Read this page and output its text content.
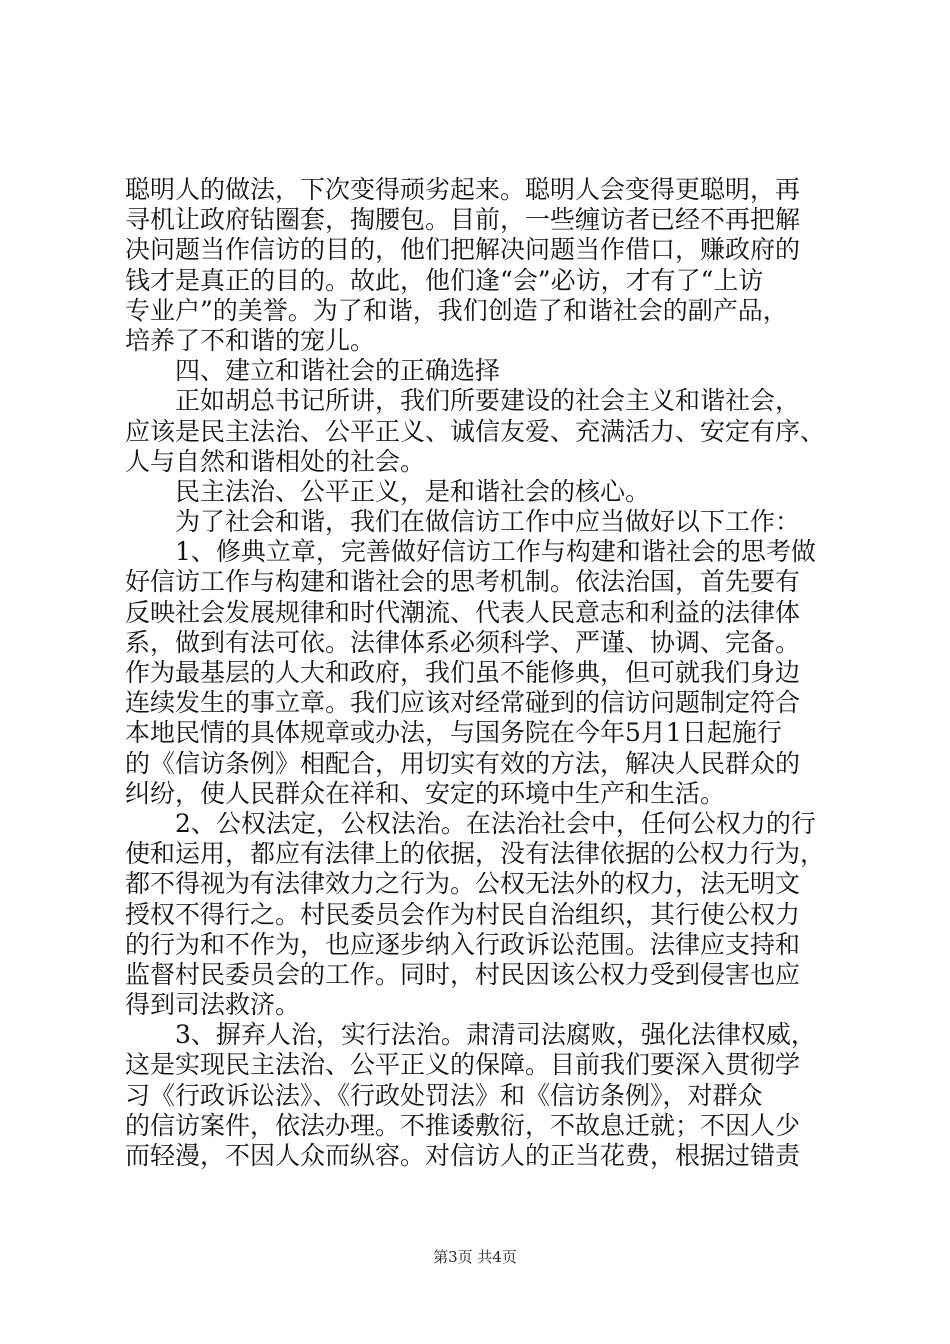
聪明人的做法，下次变得顽劣起来。聪明人会变得更聪明，再
寻机让政府钻圈套，掏腰包。目前，一些缠访者已经不再把解
决问题当作信访的目的，他们把解决问题当作借口，赚政府的
钱才是真正的目的。故此，他们逢“会”必访，才有了“上访
专业户”的美誉。为了和谐，我们创造了和谐社会的副产品，
培养了不和谐的宠儿。
四、建立和谐社会的正确选择
正如胡总书记所讲，我们所要建设的社会主义和谐社会，
应该是民主法治、公平正义、诚信友爱、充满活力、安定有序、
人与自然和谐相处的社会。
民主法治、公平正义，是和谐社会的核心。
为了社会和谐，我们在做信访工作中应当做好以下工作：
1、修典立章，完善做好信访工作与构建和谐社会的思考做
好信访工作与构建和谐社会的思考机制。依法治国，首先要有
反映社会发展规律和时代潮流、代表人民意志和利益的法律体
系，做到有法可依。法律体系必须科学、严谨、协调、完备。
作为最基层的人大和政府，我们虽不能修典，但可就我们身边
连续发生的事立章。我们应该对经常碰到的信访问题制定符合
本地民情的具体规章或办法，与国务院在今年5月1日起施行
的《信访条例》相配合，用切实有效的方法，解决人民群众的
纠纷，使人民群众在祥和、安定的环境中生产和生活。
2、公权法定，公权法治。在法治社会中，任何公权力的行
使和运用，都应有法律上的依据，没有法律依据的公权力行为，
都不得视为有法律效力之行为。公权无法外的权力，法无明文
授权不得行之。村民委员会作为村民自治组织，其行使公权力
的行为和不作为，也应逐步纳入行政诉讼范围。法律应支持和
监督村民委员会的工作。同时，村民因该公权力受到侵害也应
得到司法救济。
3、摒弃人治，实行法治。肃清司法腐败，强化法律权威，
这是实现民主法治、公平正义的保障。目前我们要深入贯彻学
习《行政诉讼法》、《行政处罚法》和《信访条例》，对群众
的信访案件，依法办理。不推诿敷衍，不故息迁就；不因人少
而轻漫，不因人众而纵容。对信访人的正当花费，根据过错责
第3页 共4页
